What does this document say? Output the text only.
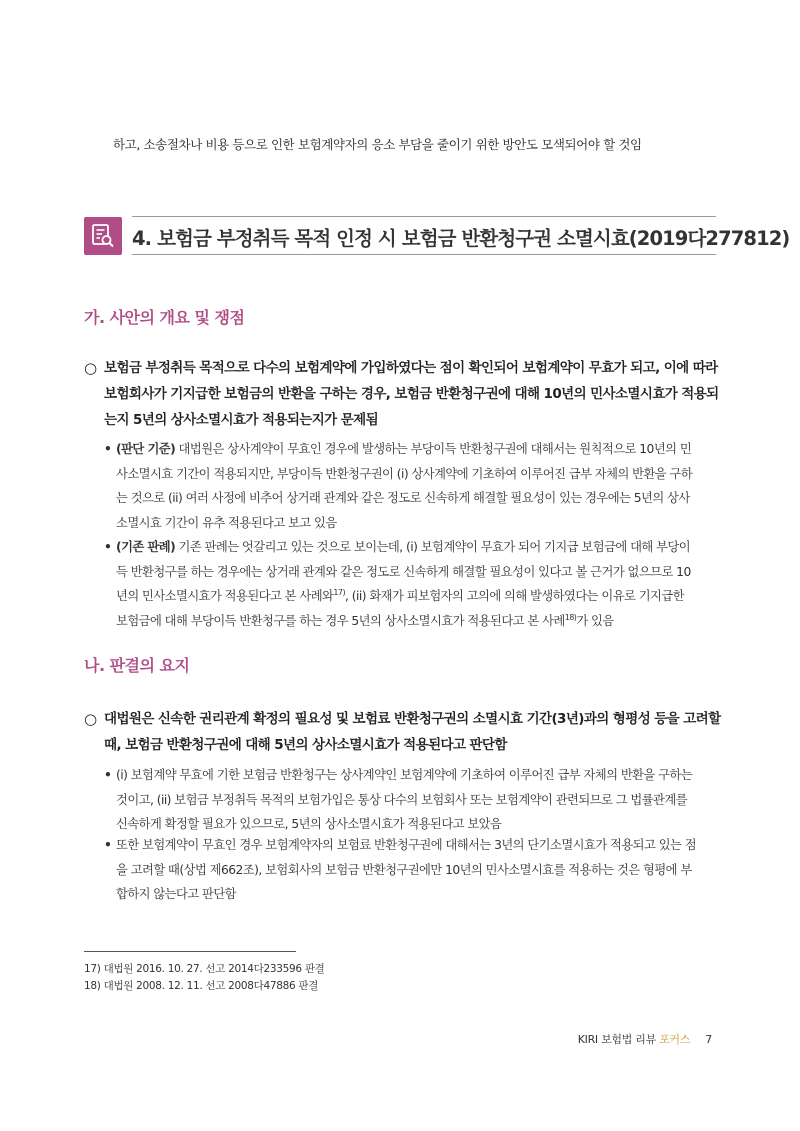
하고, 소송절차나 비용 등으로 인한 보험계약자의 응소 부담을 줄이기 위한 방안도 모색되어야 할 것임
4. 보험금 부정취득 목적 인정 시 보험금 반환청구권 소멸시효(2019다277812)
가. 사안의 개요 및 쟁점
○ 보험금 부정취득 목적으로 다수의 보험계약에 가입하였다는 점이 확인되어 보험계약이 무효가 되고, 이에 따라
보험회사가 기지급한 보험금의 반환을 구하는 경우, 보험금 반환청구권에 대해 10년의 민사소멸시효가 적용되
는지 5년의 상사소멸시효가 적용되는지가 문제됨
• (판단 기준) 대법원은 상사계약이 무효인 경우에 발생하는 부당이득 반환청구권에 대해서는 원칙적으로 10년의 민
사소멸시효 기간이 적용되지만, 부당이득 반환청구권이 (i) 상사계약에 기초하여 이루어진 급부 자체의 반환을 구하
는 것으로 (ii) 여러 사정에 비추어 상거래 관계와 같은 정도로 신속하게 해결할 필요성이 있는 경우에는 5년의 상사
소멸시효 기간이 유추 적용된다고 보고 있음
• (기존 판례) 기존 판례는 엇갈리고 있는 것으로 보이는데, (i) 보험계약이 무효가 되어 기지급 보험금에 대해 부당이
득 반환청구를 하는 경우에는 상거래 관계와 같은 정도로 신속하게 해결할 필요성이 있다고 볼 근거가 없으므로 10
년의 민사소멸시효가 적용된다고 본 사례와$^{17)}$, (ii) 화재가 피보험자의 고의에 의해 발생하였다는 이유로 기지급한
보험금에 대해 부당이득 반환청구를 하는 경우 5년의 상사소멸시효가 적용된다고 본 사례$^{18)}$가 있음
나. 판결의 요지
○ 대법원은 신속한 권리관계 확정의 필요성 및 보험료 반환청구권의 소멸시효 기간(3년)과의 형평성 등을 고려할
때, 보험금 반환청구권에 대해 5년의 상사소멸시효가 적용된다고 판단함
• (i) 보험계약 무효에 기한 보험금 반환청구는 상사계약인 보험계약에 기초하여 이루어진 급부 자체의 반환을 구하는
것이고, (ii) 보험금 부정취득 목적의 보험가입은 통상 다수의 보험회사 또는 보험계약이 관련되므로 그 법률관계를
신속하게 확정할 필요가 있으므로, 5년의 상사소멸시효가 적용된다고 보았음
• 또한 보험계약이 무효인 경우 보험계약자의 보험료 반환청구권에 대해서는 3년의 단기소멸시효가 적용되고 있는 점
을 고려할 때(상법 제662조), 보험회사의 보험금 반환청구권에만 10년의 민사소멸시효를 적용하는 것은 형평에 부
합하지 않는다고 판단함
17) 대법원 2016. 10. 27. 선고 2014다233596 판결
18) 대법원 2008. 12. 11. 선고 2008다47886 판결
KIRI 보험법 리뷰 포커스 7
